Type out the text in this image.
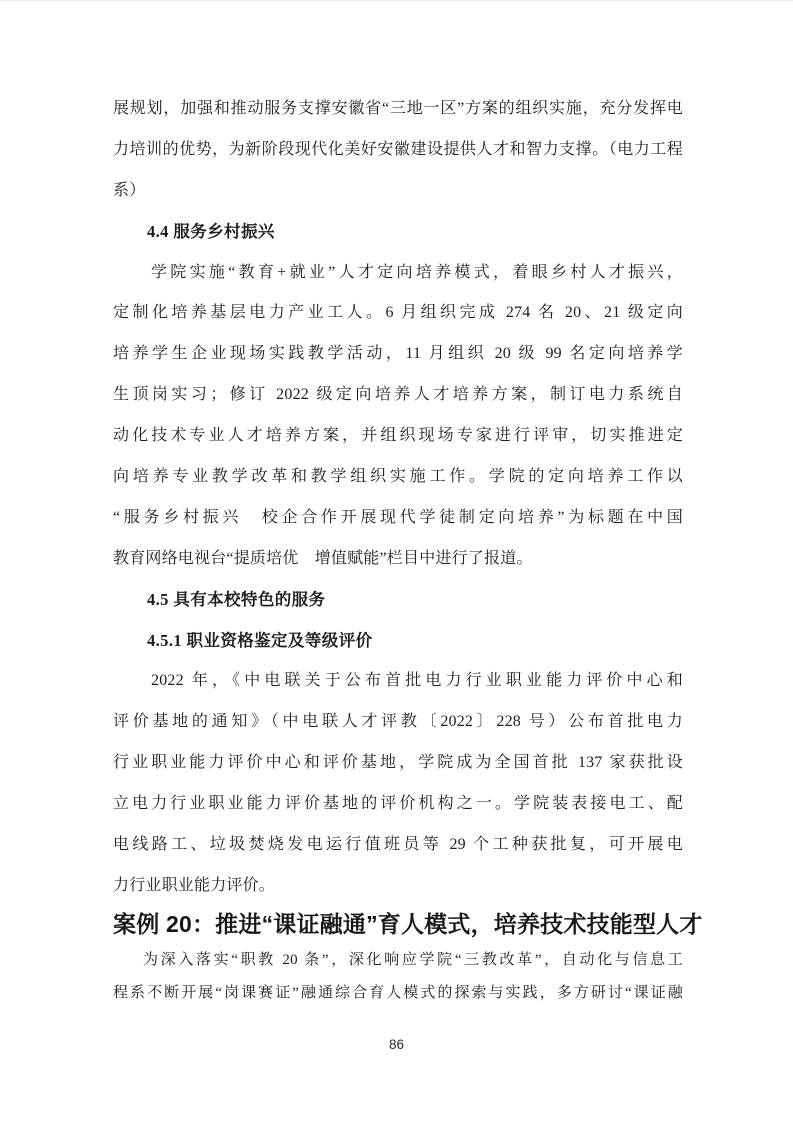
展规划，加强和推动服务支撑安徽省“三地一区”方案的组织实施，充分发挥电
力培训的优势，为新阶段现代化美好安徽建设提供人才和智力支撑。（电力工程
系）
4.4 服务乡村振兴
学院实施“教育+就业”人才定向培养模式，着眼乡村人才振兴，
定制化培养基层电力产业工人。6 月组织完成 274 名 20、21 级定向
培养学生企业现场实践教学活动，11 月组织 20 级 99 名定向培养学
生顶岗实习；修订 2022 级定向培养人才培养方案，制订电力系统自
动化技术专业人才培养方案，并组织现场专家进行评审，切实推进定
向培养专业教学改革和教学组织实施工作。学院的定向培养工作以
“服务乡村振兴　校企合作开展现代学徒制定向培养”为标题在中国
教育网络电视台“提质培优　增值赋能”栏目中进行了报道。
4.5 具有本校特色的服务
4.5.1 职业资格鉴定及等级评价
2022 年，《中电联关于公布首批电力行业职业能力评价中心和
评价基地的通知》（中电联人才评教〔2022〕228 号）公布首批电力
行业职业能力评价中心和评价基地，学院成为全国首批 137 家获批设
立电力行业职业能力评价基地的评价机构之一。学院装表接电工、配
电线路工、垃圾焚烧发电运行值班员等 29 个工种获批复，可开展电
力行业职业能力评价。
案例 20：推进“课证融通”育人模式，培养技术技能型人才
为深入落实“职教 20 条”，深化响应学院“三教改革”，自动化与信息工
程系不断开展“岗课赛证”融通综合育人模式的探索与实践，多方研讨“课证融
86
